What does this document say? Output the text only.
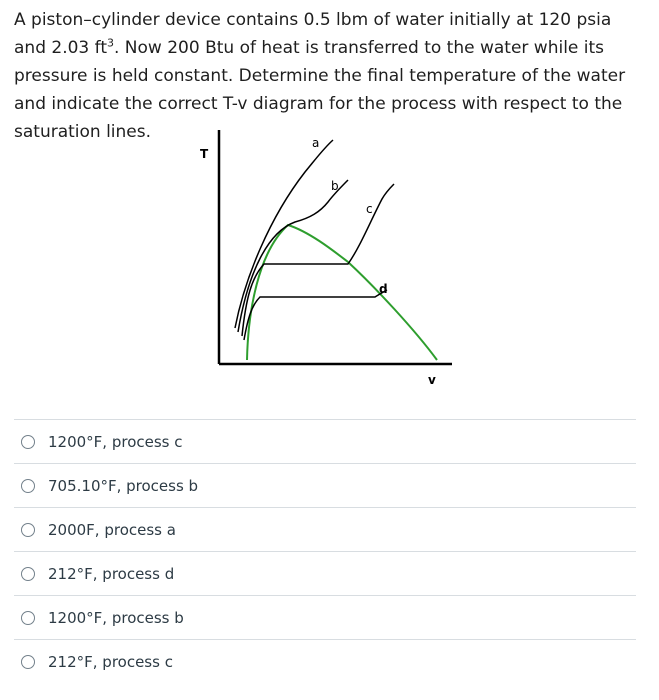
A piston–cylinder device contains 0.5 lbm of water initially at 120 psia and 2.03 $ft^3$. Now 200 Btu of heat is transferred to the water while its pressure is held constant. Determine the final temperature of the water and indicate the correct T-v diagram for the process with respect to the saturation lines.
T
v
a
b
c
d
1200°F, process c
705.10°F, process b
2000F, process a
212°F, process d
1200°F, process b
212°F, process c
